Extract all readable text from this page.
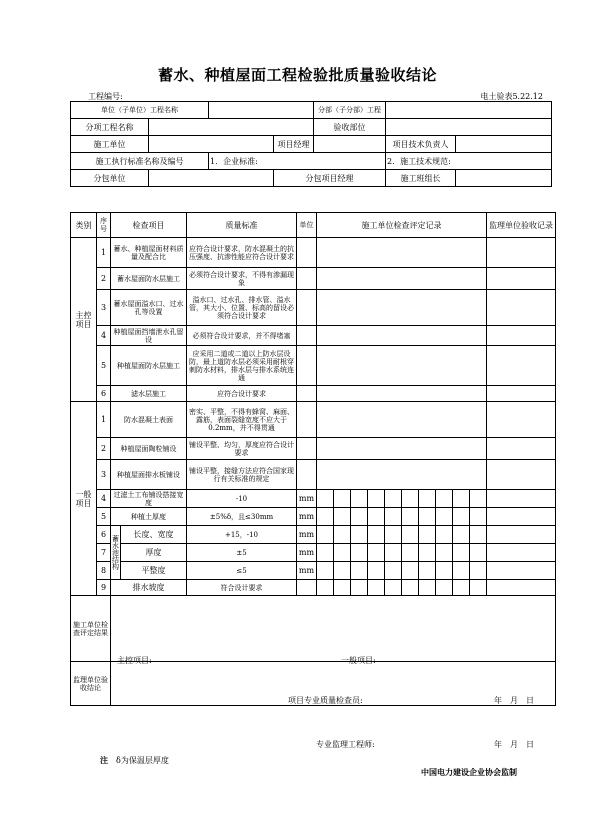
蓄水、种植屋面工程检验批质量验收结论
工程编号:	电土验表5.22.12
单位（子单位）工程名称				分部（子分部）工程		
分项工程名称				验收部位		
施工单位			项目经理		项目技术负责人	
施工执行标准名称及编号		1．企业标准:			2．施工技术规范:	
分包单位			分包项目经理		施工班组长	
类别	序号	检查项目		质量标准	单位	施工单位检查评定记录										监理单位验收记录
主控项目	1	蓄水、种植屋面材料质量及配合比		应符合设计要求，防水混凝土的抗压强度、抗渗性能应符合设计要求												
	2	蓄水屋面防水层施工		必须符合设计要求，不得有渗漏现象												
	3	蓄水屋面溢水口、过水孔等设置		溢水口、过水孔、排水管、溢水管，其大小、位置、标高的留设必须符合设计要求												
	4	种植屋面挡墙泄水孔留设		必须符合设计要求，并不得堵塞												
	5	种植屋面防水层施工		应采用二道或二道以上防水层设防，最上道防水层必须采用耐根穿刺防水材料，排水层与排水系统连通												
	6	滤水层施工		应符合设计要求												
一般项目	1	防水混凝土表面		密实、平整，不得有蜂窝、麻面、露筋，表面裂缝宽度不应大于0.2mm，并不得贯通												
	2	种植屋面陶粒铺设		铺设平整、均匀，厚度应符合设计要求												
	3	种植屋面排水板铺设		铺设平整，接缝方法应符合国家现行有关标准的规定												
	4	过滤土工布铺设搭接宽度		-10	mm											
	5	种植土厚度		±5%δ，且≤30mm	mm											
	6	蓄水池结构	长度、宽度	+15，-10	mm											
	7		厚度	±5	mm											
	8		平整度	≤5	mm											
	9	排水坡度		符合设计要求												
施工单位检查评定结果																
监理单位验收结论																
主控项目:	一般项目:
项目专业质量检查员:	年　月　日
专业监理工程师:	年　月　日
注 δ为保温层厚度
中国电力建设企业协会监制
